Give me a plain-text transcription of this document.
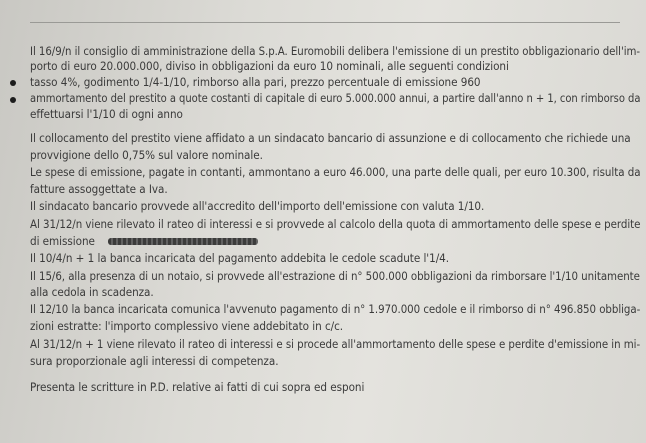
Il 16/9/n il consiglio di amministrazione della S.p.A. Euromobili delibera l'emissione di un prestito obbligazionario dell'im-
porto di euro 20.000.000, diviso in obbligazioni da euro 10 nominali, alle seguenti condizioni
tasso 4%, godimento 1/4-1/10, rimborso alla pari, prezzo percentuale di emissione 960
ammortamento del prestito a quote costanti di capitale di euro 5.000.000 annui, a partire dall'anno n + 1, con rimborso da
effettuarsi l'1/10 di ogni anno
Il collocamento del prestito viene affidato a un sindacato bancario di assunzione e di collocamento che richiede una
provvigione dello 0,75% sul valore nominale.
Le spese di emissione, pagate in contanti, ammontano a euro 46.000, una parte delle quali, per euro 10.300, risulta da
fatture assoggettate a Iva.
Il sindacato bancario provvede all'accredito dell'importo dell'emissione con valuta 1/10.
Al 31/12/n viene rilevato il rateo di interessi e si provvede al calcolo della quota di ammortamento delle spese e perdite
di emissione
Il 10/4/n + 1 la banca incaricata del pagamento addebita le cedole scadute l'1/4.
Il 15/6, alla presenza di un notaio, si provvede all'estrazione di n° 500.000 obbligazioni da rimborsare l'1/10 unitamente
alla cedola in scadenza.
Il 12/10 la banca incaricata comunica l'avvenuto pagamento di n° 1.970.000 cedole e il rimborso di n° 496.850 obbliga-
zioni estratte: l'importo complessivo viene addebitato in c/c.
Al 31/12/n + 1 viene rilevato il rateo di interessi e si procede all'ammortamento delle spese e perdite d'emissione in mi-
sura proporzionale agli interessi di competenza.
Presenta le scritture in P.D. relative ai fatti di cui sopra ed esponi
